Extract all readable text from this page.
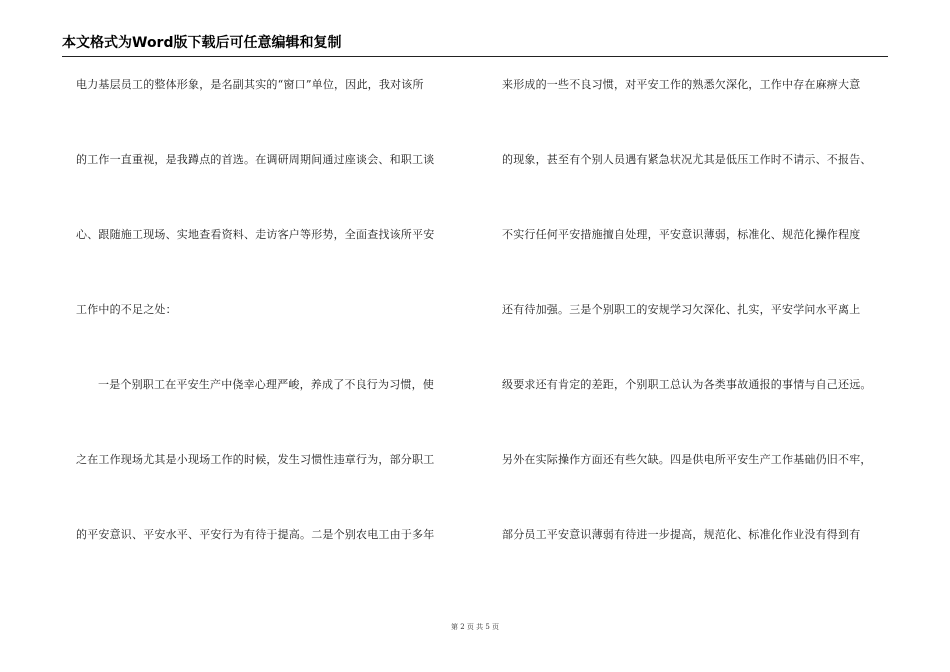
本文格式为Word版下载后可任意编辑和复制
电力基层员工的整体形象，是名副其实的“窗口”单位，因此，我对该所
的工作一直重视，是我蹲点的首选。在调研周期间通过座谈会、和职工谈
心、跟随施工现场、实地查看资料、走访客户等形势，全面查找该所平安
工作中的不足之处：
一是个别职工在平安生产中侥幸心理严峻，养成了不良行为习惯，使
之在工作现场尤其是小现场工作的时候，发生习惯性违章行为，部分职工
的平安意识、平安水平、平安行为有待于提高。二是个别农电工由于多年
来形成的一些不良习惯，对平安工作的熟悉欠深化，工作中存在麻痹大意
的现象，甚至有个别人员遇有紧急状况尤其是低压工作时不请示、不报告、
不实行任何平安措施擅自处理，平安意识薄弱，标准化、规范化操作程度
还有待加强。三是个别职工的安规学习欠深化、扎实，平安学问水平离上
级要求还有肯定的差距，个别职工总认为各类事故通报的事情与自己还远。
另外在实际操作方面还有些欠缺。四是供电所平安生产工作基础仍旧不牢，
部分员工平安意识薄弱有待进一步提高，规范化、标准化作业没有得到有
第 2 页 共 5 页
